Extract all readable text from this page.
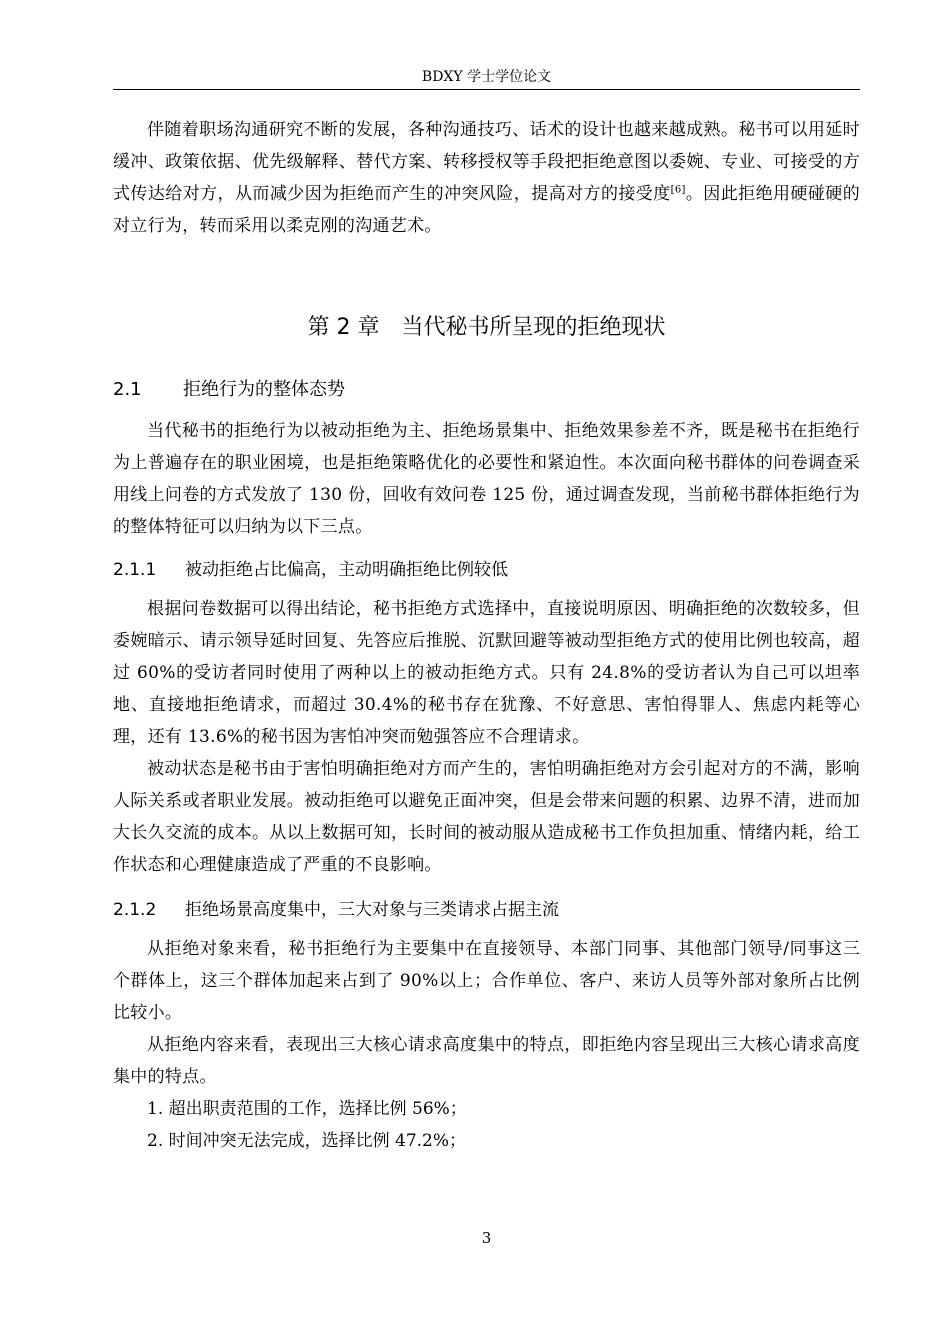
BDXY 学士学位论文

伴随着职场沟通研究不断的发展，各种沟通技巧、话术的设计也越来越成熟。秘书可以用延时缓冲、政策依据、优先级解释、替代方案、转移授权等手段把拒绝意图以委婉、专业、可接受的方式传达给对方，从而减少因为拒绝而产生的冲突风险，提高对方的接受度[6]。因此拒绝用硬碰硬的对立行为，转而采用以柔克刚的沟通艺术。

第 2 章　当代秘书所呈现的拒绝现状
2.1 拒绝行为的整体态势

当代秘书的拒绝行为以被动拒绝为主、拒绝场景集中、拒绝效果参差不齐，既是秘书在拒绝行为上普遍存在的职业困境，也是拒绝策略优化的必要性和紧迫性。本次面向秘书群体的问卷调查采用线上问卷的方式发放了 130 份，回收有效问卷 125 份，通过调查发现，当前秘书群体拒绝行为的整体特征可以归纳为以下三点。

2.1.1 被动拒绝占比偏高，主动明确拒绝比例较低

根据问卷数据可以得出结论，秘书拒绝方式选择中，直接说明原因、明确拒绝的次数较多，但委婉暗示、请示领导延时回复、先答应后推脱、沉默回避等被动型拒绝方式的使用比例也较高，超过 60%的受访者同时使用了两种以上的被动拒绝方式。只有 24.8%的受访者认为自己可以坦率地、直接地拒绝请求，而超过 30.4%的秘书存在犹豫、不好意思、害怕得罪人、焦虑内耗等心理，还有 13.6%的秘书因为害怕冲突而勉强答应不合理请求。

被动状态是秘书由于害怕明确拒绝对方而产生的，害怕明确拒绝对方会引起对方的不满，影响人际关系或者职业发展。被动拒绝可以避免正面冲突，但是会带来问题的积累、边界不清，进而加大长久交流的成本。从以上数据可知，长时间的被动服从造成秘书工作负担加重、情绪内耗，给工作状态和心理健康造成了严重的不良影响。

2.1.2 拒绝场景高度集中，三大对象与三类请求占据主流

从拒绝对象来看，秘书拒绝行为主要集中在直接领导、本部门同事、其他部门领导/同事这三个群体上，这三个群体加起来占到了 90%以上；合作单位、客户、来访人员等外部对象所占比例比较小。

从拒绝内容来看，表现出三大核心请求高度集中的特点，即拒绝内容呈现出三大核心请求高度集中的特点。

1. 超出职责范围的工作，选择比例 56%；

2. 时间冲突无法完成，选择比例 47.2%；

3
